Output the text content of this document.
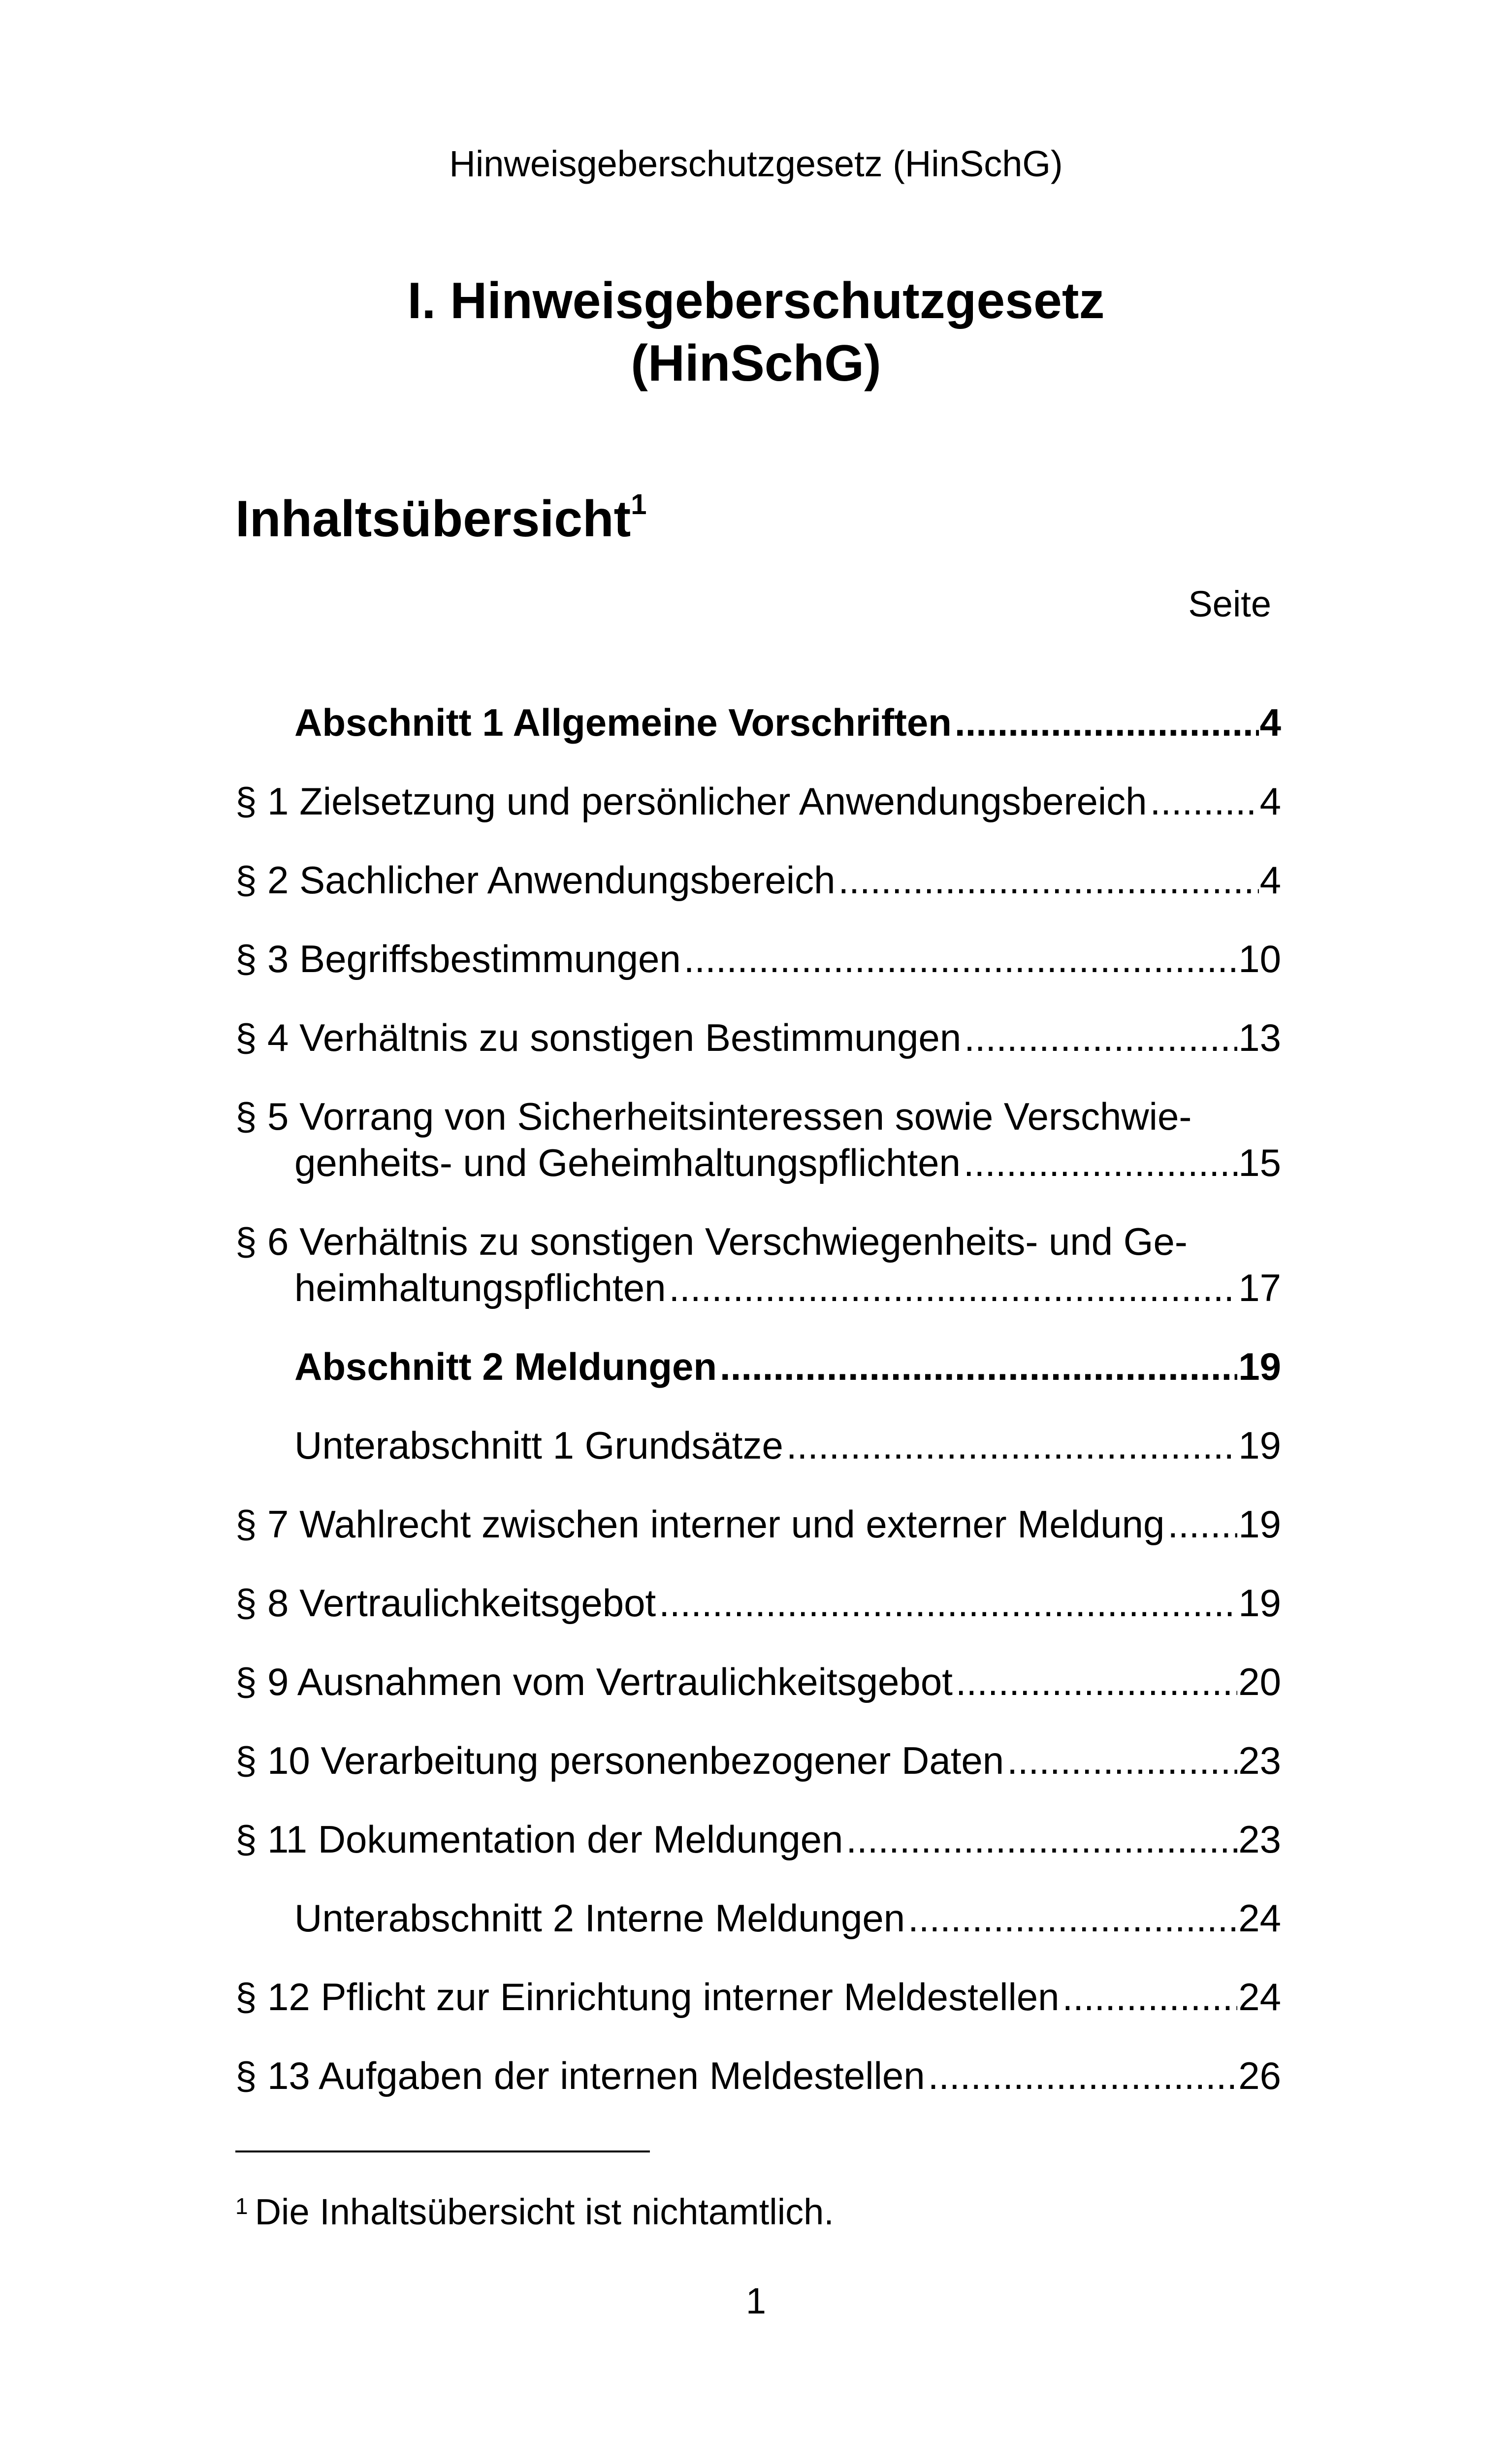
Hinweisgeberschutzgesetz (HinSchG)
I. Hinweisgeberschutzgesetz
(HinSchG)
Inhaltsübersicht$^1$
Seite
Abschnitt 1 Allgemeine Vorschriften .....	4
§ 1 Zielsetzung und persönlicher Anwendungsbereich .....	4
§ 2 Sachlicher Anwendungsbereich .....	4
§ 3 Begriffsbestimmungen .....	10
§ 4 Verhältnis zu sonstigen Bestimmungen .....	13
§ 5 Vorrang von Sicherheitsinteressen sowie Verschwie-
genheits- und Geheimhaltungspflichten .....	15
§ 6 Verhältnis zu sonstigen Verschwiegenheits- und Ge-
heimhaltungspflichten .....	17
Abschnitt 2 Meldungen .....	19
Unterabschnitt 1 Grundsätze .....	19
§ 7 Wahlrecht zwischen interner und externer Meldung ..... 19
§ 8 Vertraulichkeitsgebot .....	19
§ 9 Ausnahmen vom Vertraulichkeitsgebot .....	20
§ 10 Verarbeitung personenbezogener Daten .....	23
§ 11 Dokumentation der Meldungen .....	23
Unterabschnitt 2 Interne Meldungen .....	24
§ 12 Pflicht zur Einrichtung interner Meldestellen .....	24
§ 13 Aufgaben der internen Meldestellen .....	26
$^1$ Die Inhaltsübersicht ist nichtamtlich.
1
